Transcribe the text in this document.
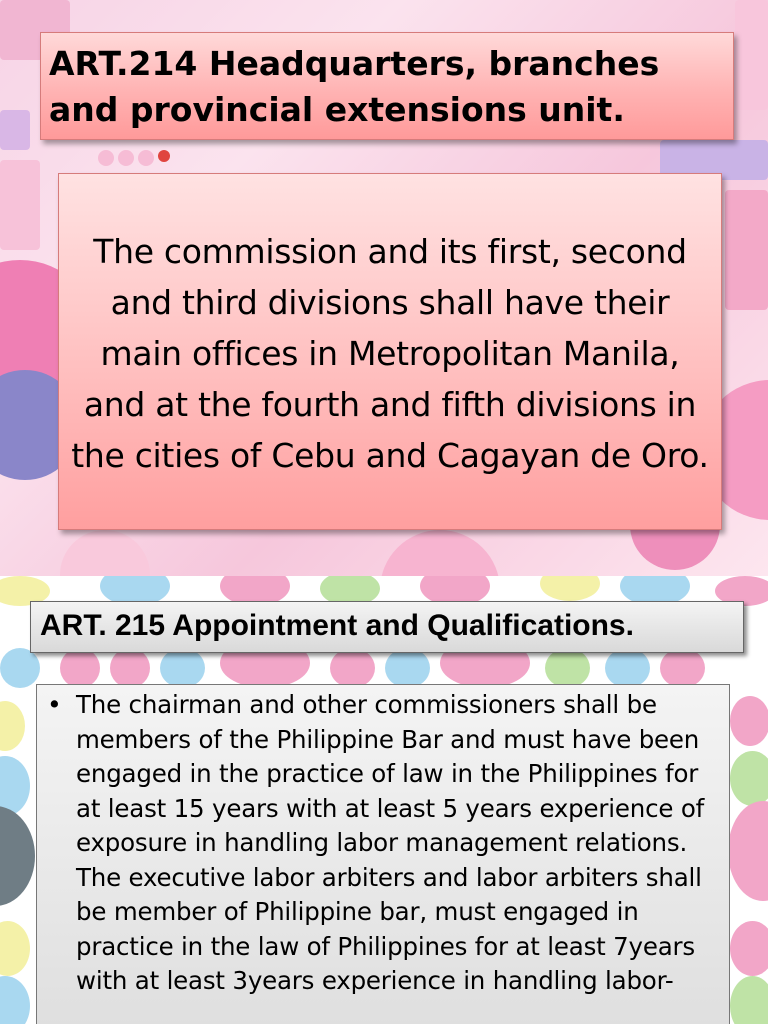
ART.214 Headquarters, branches and provincial extensions unit.

The commission and its first, second and third divisions shall have their main offices in Metropolitan Manila, and at the fourth and fifth divisions in the cities of Cebu and Cagayan de Oro.

ART. 215 Appointment and Qualifications.

• The chairman and other commissioners shall be members of the Philippine Bar and must have been engaged in the practice of law in the Philippines for at least 15 years with at least 5 years experience of exposure in handling labor management relations. The executive labor arbiters and labor arbiters shall be member of Philippine bar, must engaged in practice in the law of Philippines for at least 7years with at least 3years experience in handling labor-
